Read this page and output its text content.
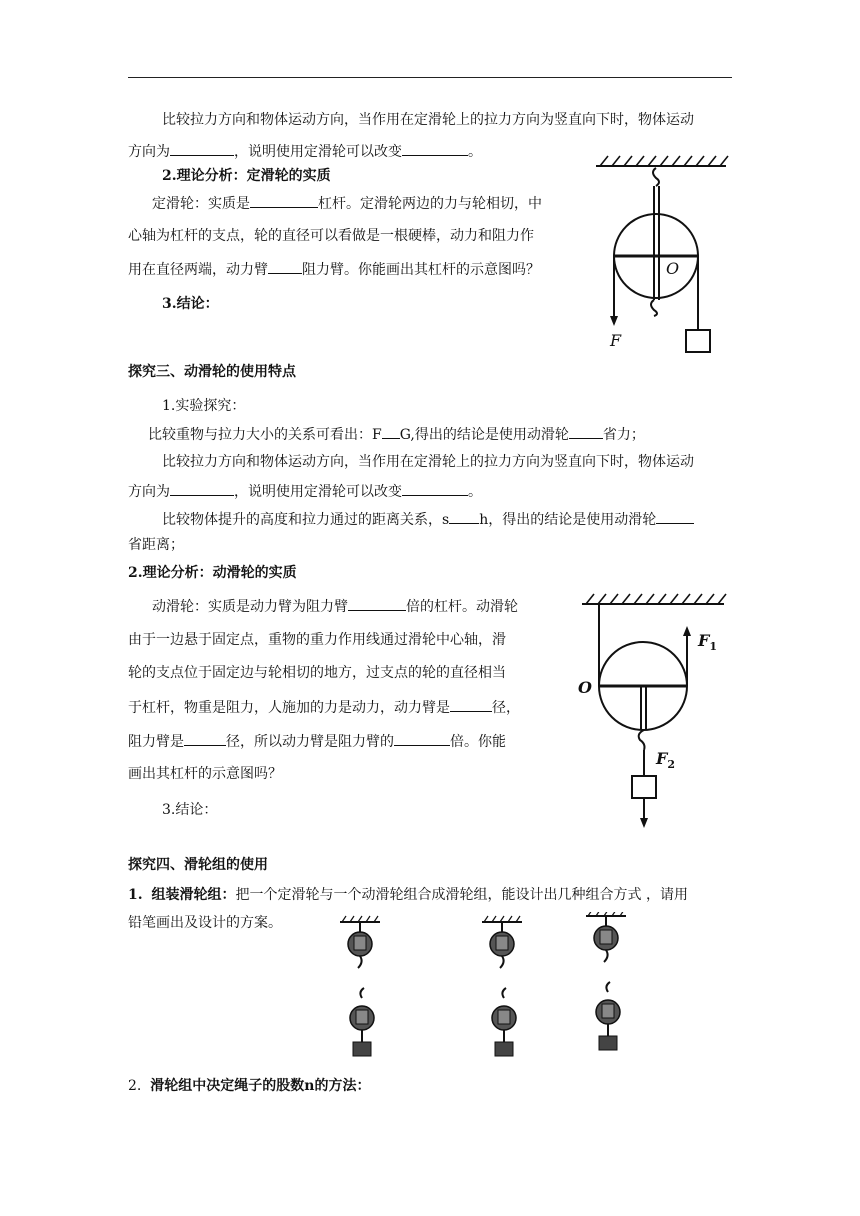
比较拉力方向和物体运动方向，当作用在定滑轮上的拉力方向为竖直向下时，物体运动
方向为	，说明使用定滑轮可以改变	。
2.理论分析：定滑轮的实质
定滑轮：实质是	杠杆。定滑轮两边的力与轮相切，中
心轴为杠杆的支点，轮的直径可以看做是一根硬棒，动力和阻力作
用在直径两端，动力臂 阻力臂。你能画出其杠杆的示意图吗？
3.结论：
F
O
探究三、动滑轮的使用特点
1.实验探究：
比较重物与拉力大小的关系可看出：F G,得出的结论是使用动滑轮 省力；
比较拉力方向和物体运动方向，当作用在定滑轮上的拉力方向为竖直向下时，物体运动
方向为	，说明使用定滑轮可以改变	。
比较物体提升的高度和拉力通过的距离关系，s h，得出的结论是使用动滑轮
省距离；
2.理论分析：动滑轮的实质
动滑轮：实质是动力臂为阻力臂	倍的杠杆。动滑轮
由于一边悬于固定点，重物的重力作用线通过滑轮中心轴，滑
轮的支点位于固定边与轮相切的地方，过支点的轮的直径相当
于杠杆，物重是阻力，人施加的力是动力，动力臂是	径，
阻力臂是	径，所以动力臂是阻力臂的	倍。你能
画出其杠杆的示意图吗？
3.结论：
$F_1$
$F_2$
O
探究四、滑轮组的使用
1. 组装滑轮组：把一个定滑轮与一个动滑轮组合成滑轮组，能设计出几种组合方式 ，请用
铅笔画出及设计的方案。
2. 滑轮组中决定绳子的股数n的方法：
